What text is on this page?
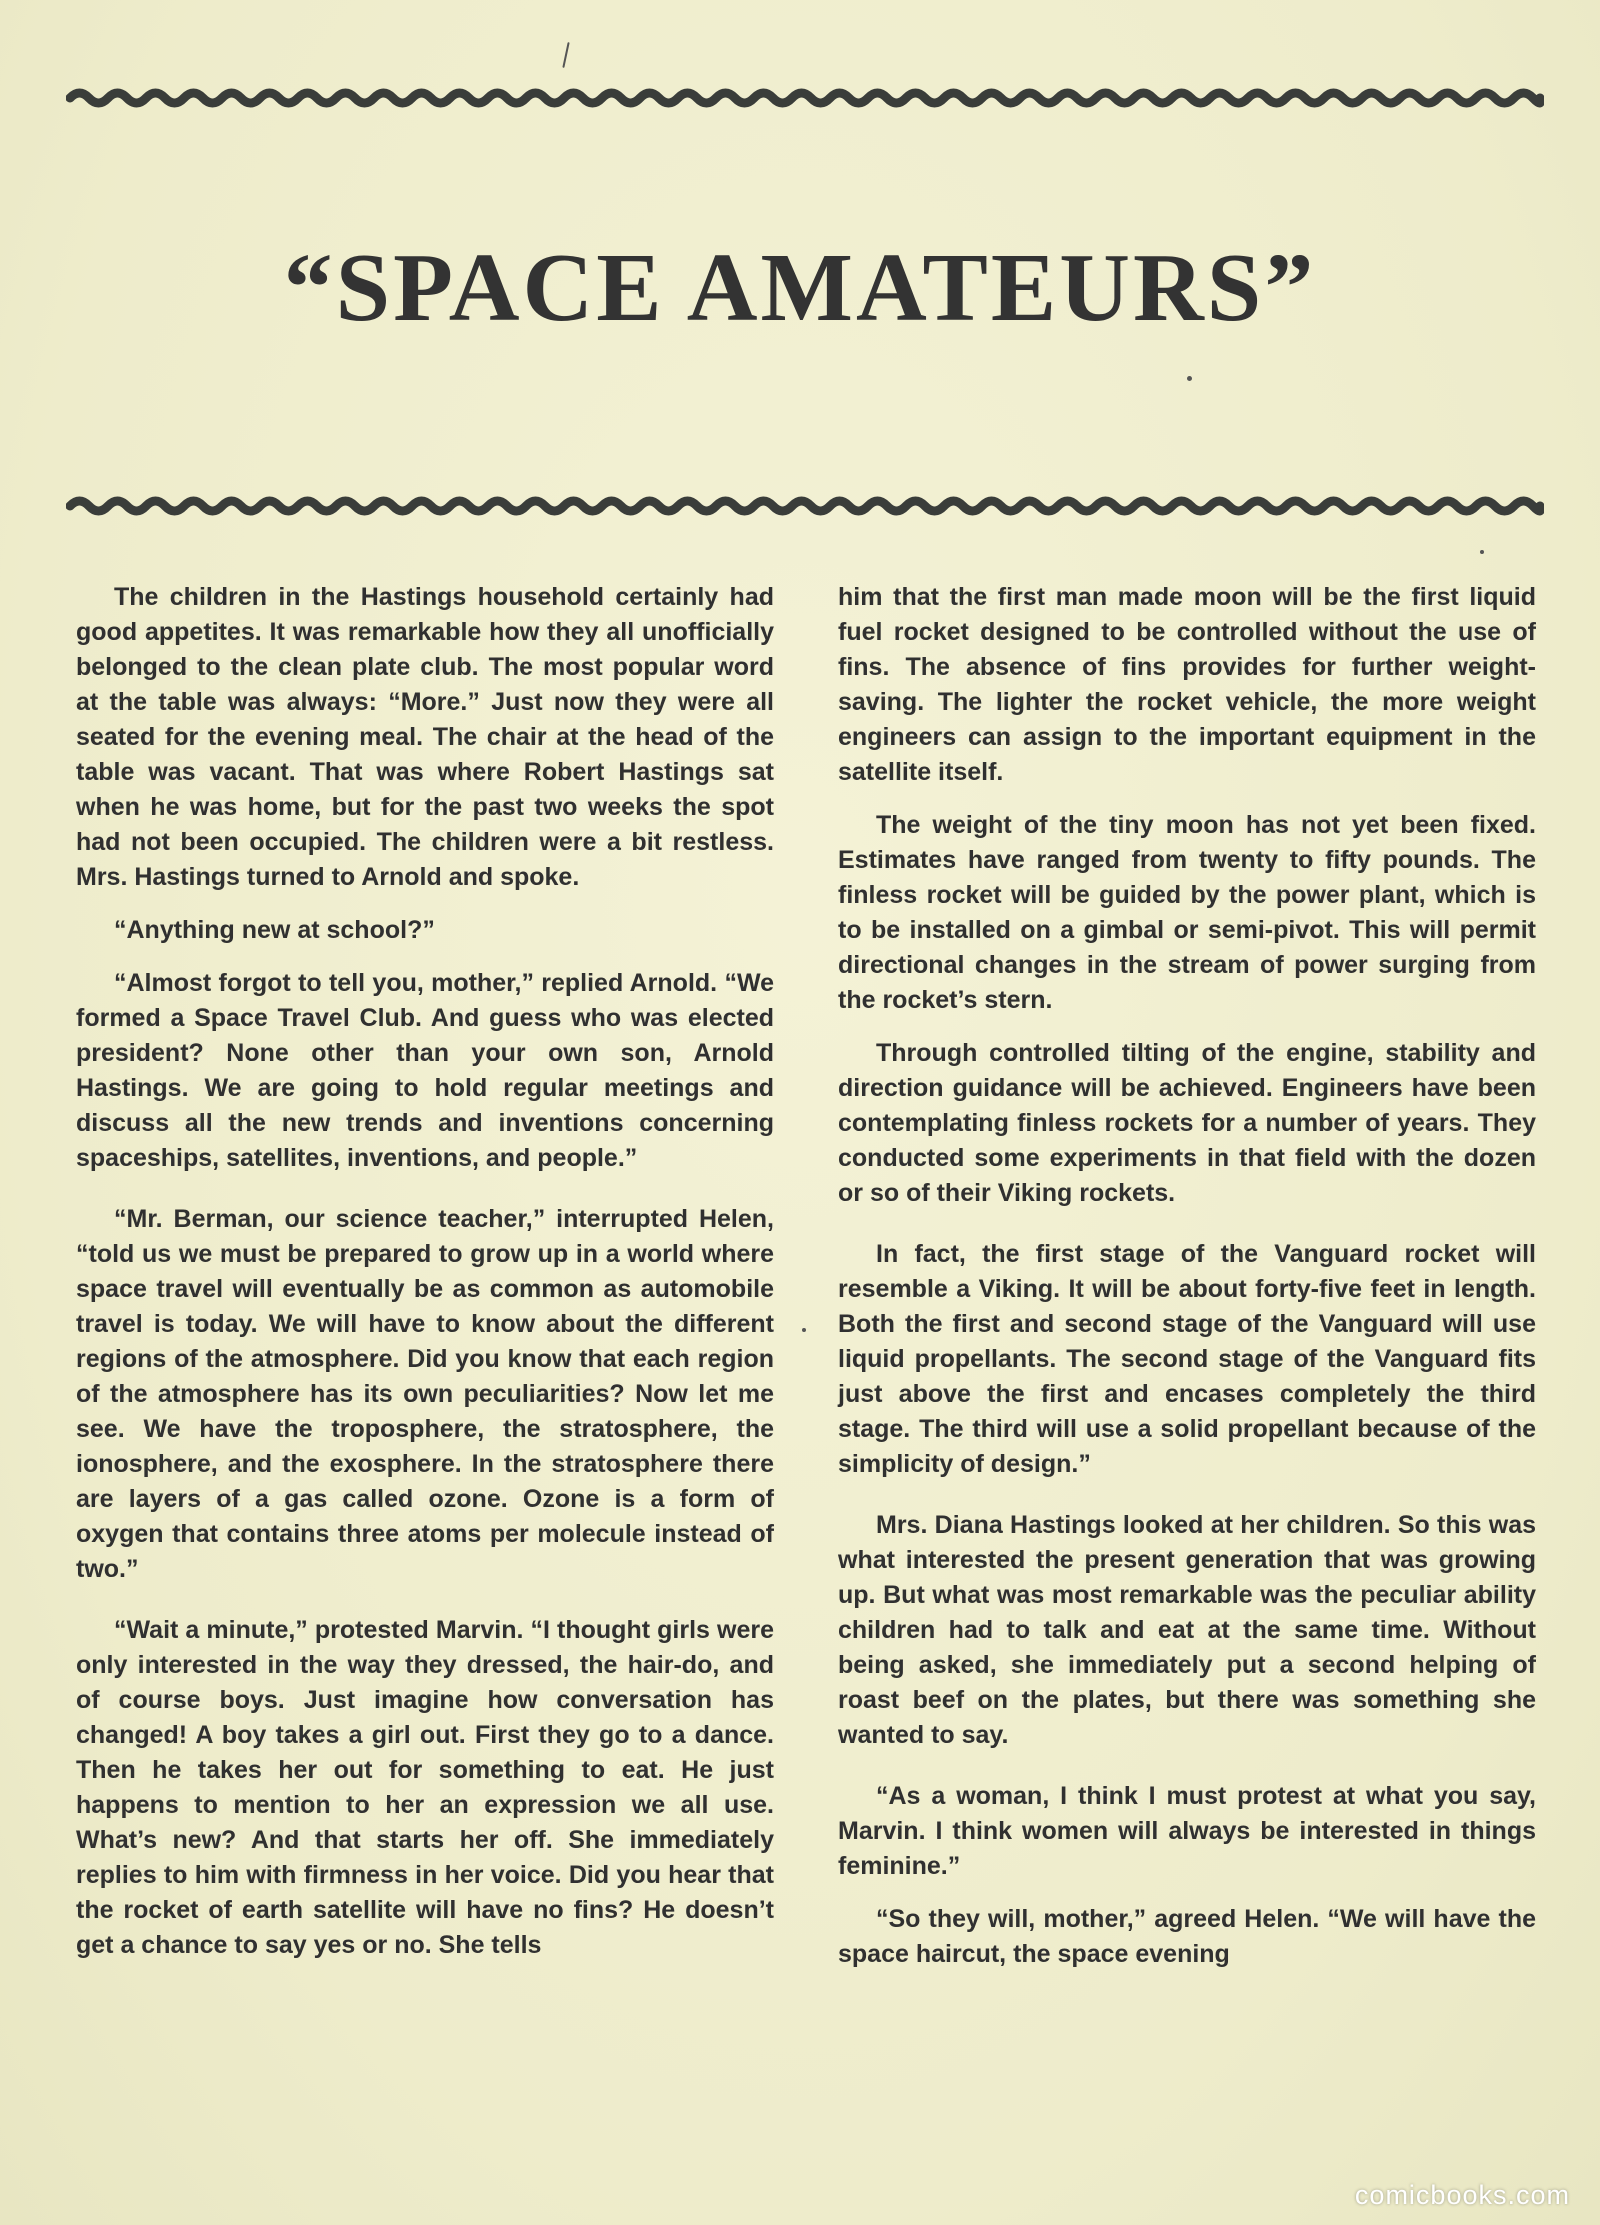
“SPACE AMATEURS”

The children in the Hastings household certainly had good appetites. It was remarkable how they all unofficially belonged to the clean plate club. The most popular word at the table was always: “More.” Just now they were all seated for the evening meal. The chair at the head of the table was vacant. That was where Robert Hastings sat when he was home, but for the past two weeks the spot had not been occupied. The children were a bit restless. Mrs. Hastings turned to Arnold and spoke.

“Anything new at school?”

“Almost forgot to tell you, mother,” replied Arnold. “We formed a Space Travel Club. And guess who was elected president? None other than your own son, Arnold Hastings. We are going to hold regular meetings and discuss all the new trends and inventions concerning spaceships, satellites, inventions, and people.”

“Mr. Berman, our science teacher,” interrupted Helen, “told us we must be prepared to grow up in a world where space travel will eventually be as common as automobile travel is today. We will have to know about the different regions of the atmosphere. Did you know that each region of the atmosphere has its own peculiarities? Now let me see. We have the troposphere, the stratosphere, the ionosphere, and the exosphere. In the stratosphere there are layers of a gas called ozone. Ozone is a form of oxygen that contains three atoms per molecule instead of two.”

“Wait a minute,” protested Marvin. “I thought girls were only interested in the way they dressed, the hair-do, and of course boys. Just imagine how conversation has changed! A boy takes a girl out. First they go to a dance. Then he takes her out for something to eat. He just happens to mention to her an expression we all use. What’s new? And that starts her off. She immediately replies to him with firmness in her voice. Did you hear that the rocket of earth satellite will have no fins? He doesn’t get a chance to say yes or no. She tells

him that the first man made moon will be the first liquid fuel rocket designed to be controlled without the use of fins. The absence of fins provides for further weight-saving. The lighter the rocket vehicle, the more weight engineers can assign to the important equipment in the satellite itself.

The weight of the tiny moon has not yet been fixed. Estimates have ranged from twenty to fifty pounds. The finless rocket will be guided by the power plant, which is to be installed on a gimbal or semi-pivot. This will permit directional changes in the stream of power surging from the rocket’s stern.

Through controlled tilting of the engine, stability and direction guidance will be achieved. Engineers have been contemplating finless rockets for a number of years. They conducted some experiments in that field with the dozen or so of their Viking rockets.

In fact, the first stage of the Vanguard rocket will resemble a Viking. It will be about forty-five feet in length. Both the first and second stage of the Vanguard will use liquid propellants. The second stage of the Vanguard fits just above the first and encases completely the third stage. The third will use a solid propellant because of the simplicity of design.”

Mrs. Diana Hastings looked at her children. So this was what interested the present generation that was growing up. But what was most remarkable was the peculiar ability children had to talk and eat at the same time. Without being asked, she immediately put a second helping of roast beef on the plates, but there was something she wanted to say.

“As a woman, I think I must protest at what you say, Marvin. I think women will always be interested in things feminine.”

“So they will, mother,” agreed Helen. “We will have the space haircut, the space evening

comicbooks.com
